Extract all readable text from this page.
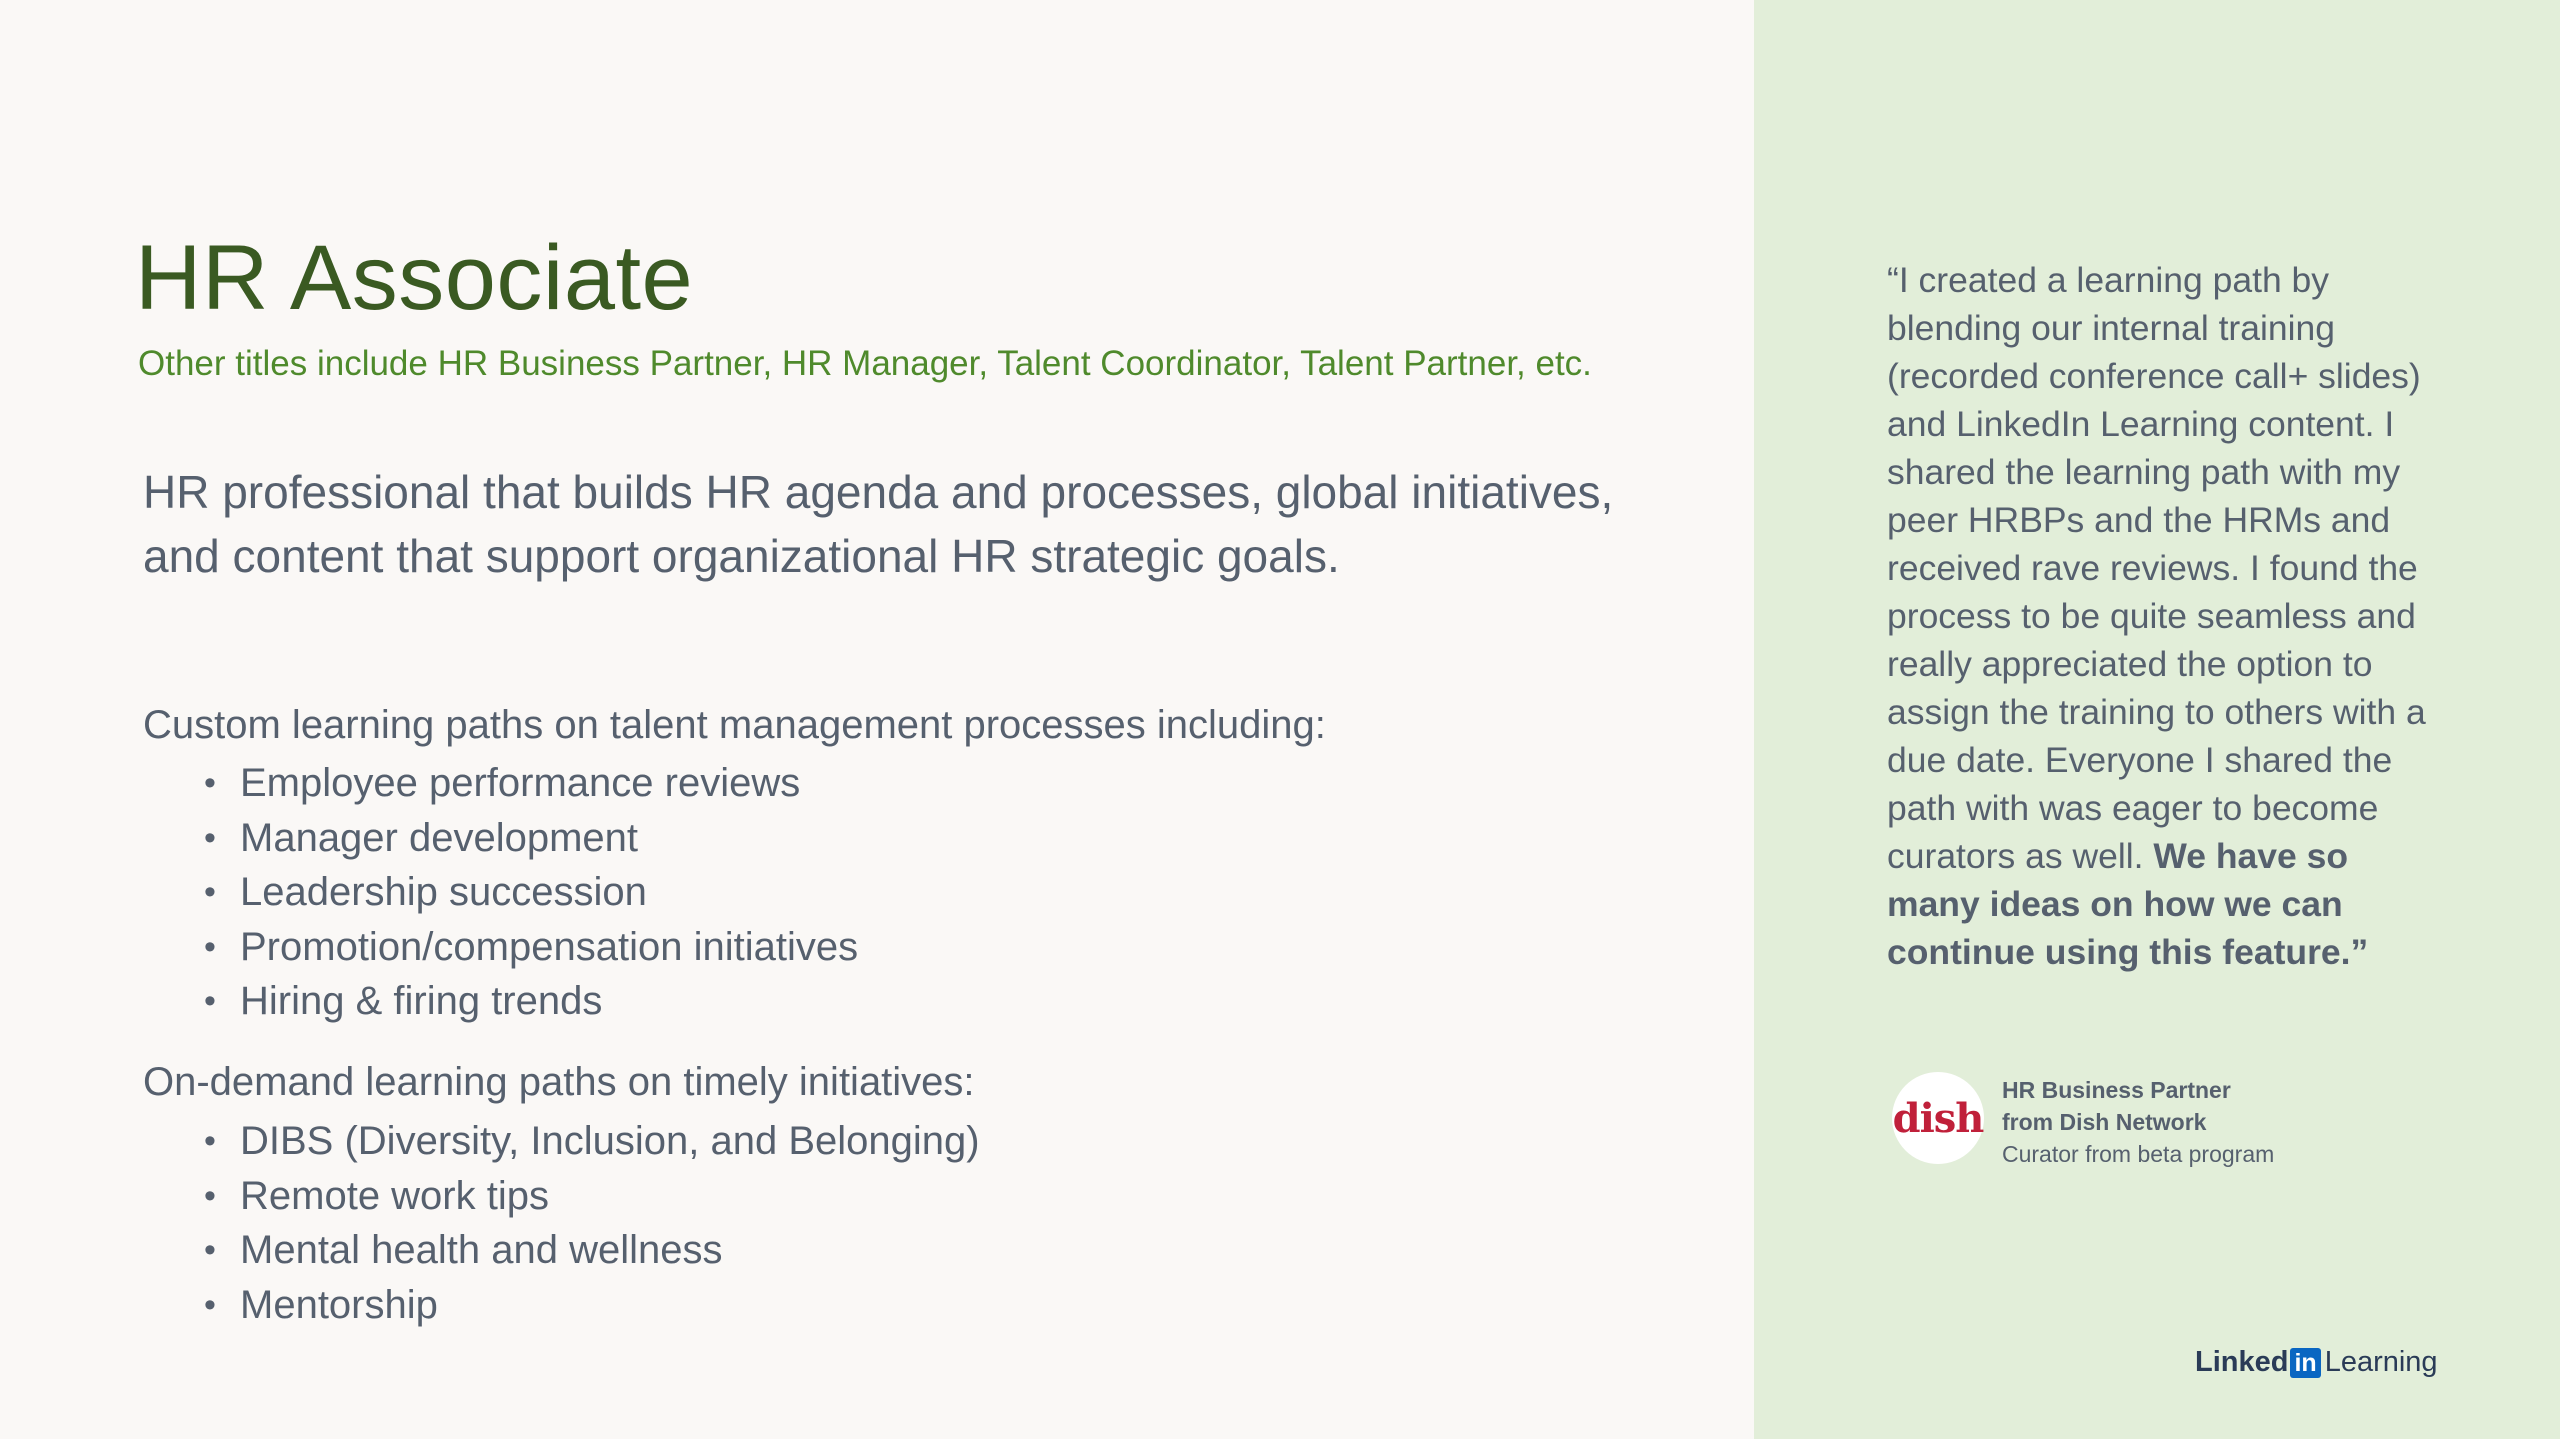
HR Associate

Other titles include HR Business Partner, HR Manager, Talent Coordinator, Talent Partner, etc.

HR professional that builds HR agenda and processes, global initiatives, and content that support organizational HR strategic goals.

Custom learning paths on talent management processes including:

• Employee performance reviews
• Manager development
• Leadership succession
• Promotion/compensation initiatives
• Hiring & firing trends

On-demand learning paths on timely initiatives:

• DIBS (Diversity, Inclusion, and Belonging)
• Remote work tips
• Mental health and wellness
• Mentorship

“I created a learning path by blending our internal training (recorded conference call+ slides) and LinkedIn Learning content. I shared the learning path with my peer HRBPs and the HRMs and received rave reviews. I found the process to be quite seamless and really appreciated the option to assign the training to others with a due date. Everyone I shared the path with was eager to become curators as well. We have so many ideas on how we can continue using this feature.”

dish
HR Business Partner
from Dish Network
Curator from beta program
Linked in Learning
